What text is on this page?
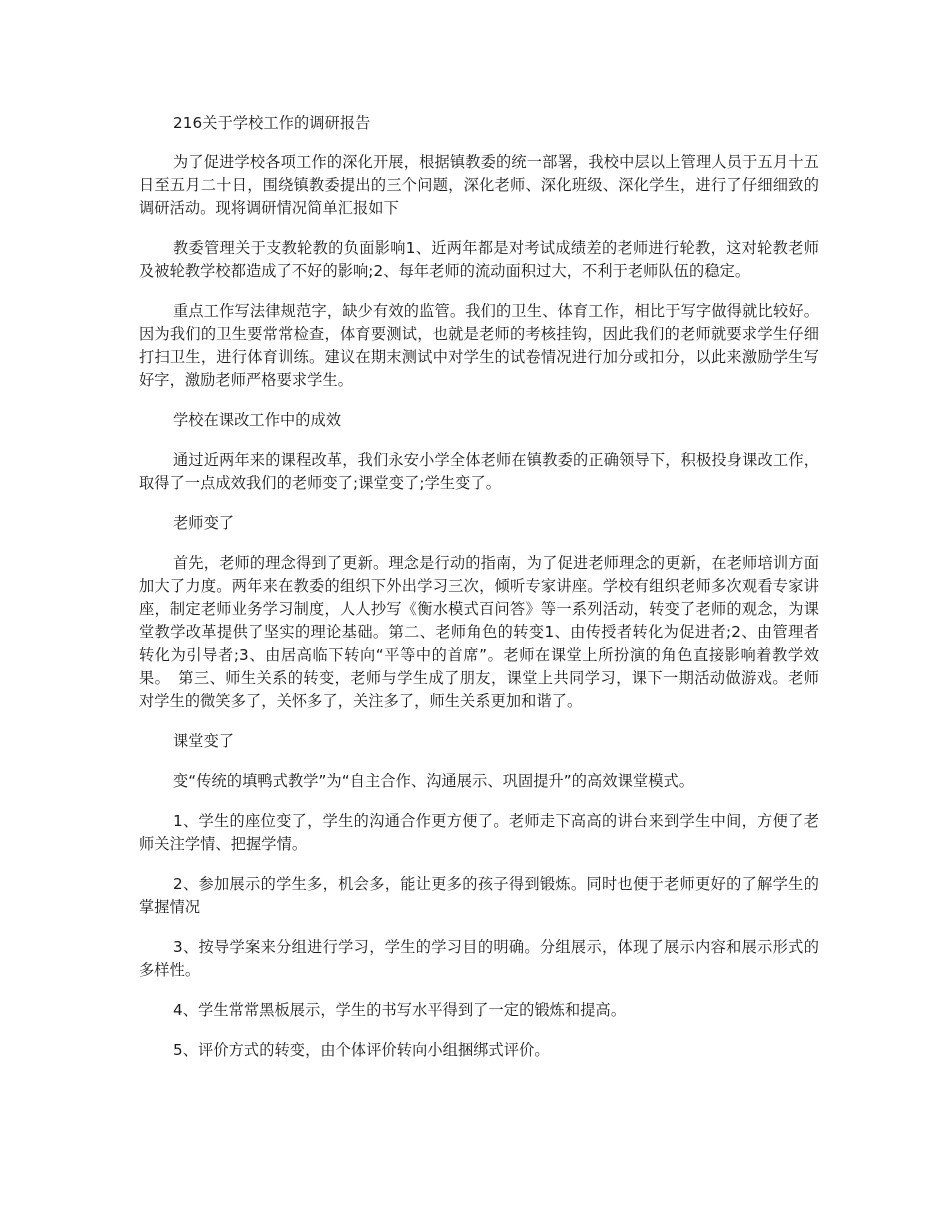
216关于学校工作的调研报告

为了促进学校各项工作的深化开展，根据镇教委的统一部署，我校中层以上管理人员于五月十五日至五月二十日，围绕镇教委提出的三个问题，深化老师、深化班级、深化学生，进行了仔细细致的调研活动。现将调研情况简单汇报如下

教委管理关于支教轮教的负面影响1、近两年都是对考试成绩差的老师进行轮教，这对轮教老师及被轮教学校都造成了不好的影响;2、每年老师的流动面积过大，不利于老师队伍的稳定。

重点工作写法律规范字，缺少有效的监管。我们的卫生、体育工作，相比于写字做得就比较好。因为我们的卫生要常常检查，体育要测试，也就是老师的考核挂钩，因此我们的老师就要求学生仔细打扫卫生，进行体育训练。建议在期末测试中对学生的试卷情况进行加分或扣分，以此来激励学生写好字，激励老师严格要求学生。

学校在课改工作中的成效

通过近两年来的课程改革，我们永安小学全体老师在镇教委的正确领导下，积极投身课改工作，取得了一点成效我们的老师变了;课堂变了;学生变了。

老师变了

首先，老师的理念得到了更新。理念是行动的指南，为了促进老师理念的更新，在老师培训方面加大了力度。两年来在教委的组织下外出学习三次，倾听专家讲座。学校有组织老师多次观看专家讲座，制定老师业务学习制度，人人抄写《衡水模式百问答》等一系列活动，转变了老师的观念，为课堂教学改革提供了坚实的理论基础。第二、老师角色的转变1、由传授者转化为促进者;2、由管理者转化为引导者;3、由居高临下转向“平等中的首席”。老师在课堂上所扮演的角色直接影响着教学效果。　第三、师生关系的转变，老师与学生成了朋友，课堂上共同学习，课下一期活动做游戏。老师对学生的微笑多了，关怀多了，关注多了，师生关系更加和谐了。

课堂变了

变“传统的填鸭式教学”为“自主合作、沟通展示、巩固提升”的高效课堂模式。

1、学生的座位变了，学生的沟通合作更方便了。老师走下高高的讲台来到学生中间，方便了老师关注学情、把握学情。

2、参加展示的学生多，机会多，能让更多的孩子得到锻炼。同时也便于老师更好的了解学生的掌握情况

3、按导学案来分组进行学习，学生的学习目的明确。分组展示，体现了展示内容和展示形式的多样性。

4、学生常常黑板展示，学生的书写水平得到了一定的锻炼和提高。

5、评价方式的转变，由个体评价转向小组捆绑式评价。
